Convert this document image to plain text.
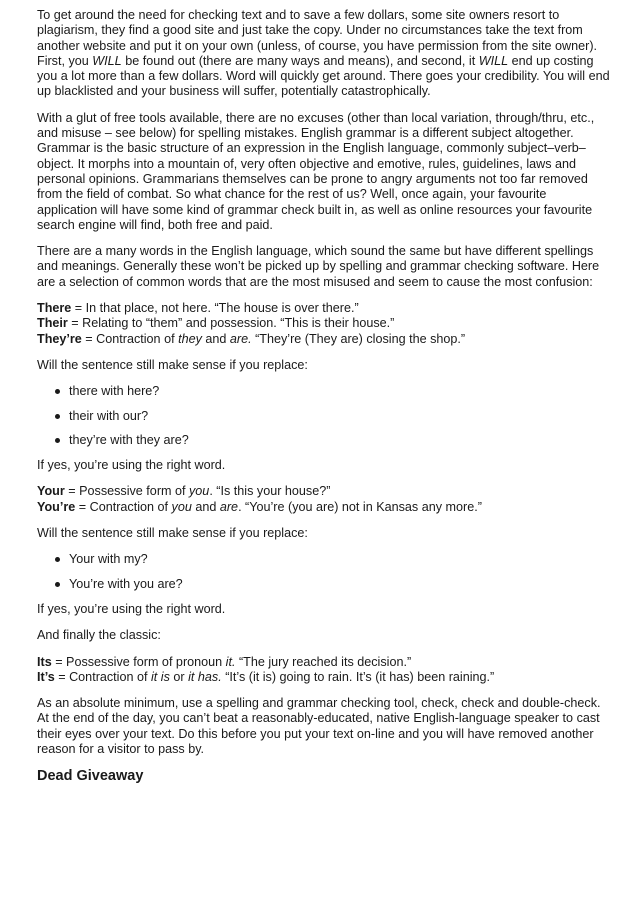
To get around the need for checking text and to save a few dollars, some site owners resort to plagiarism, they find a good site and just take the copy. Under no circumstances take the text from another website and put it on your own (unless, of course, you have permission from the site owner). First, you WILL be found out (there are many ways and means), and second, it WILL end up costing you a lot more than a few dollars. Word will quickly get around. There goes your credibility. You will end up blacklisted and your business will suffer, potentially catastrophically.

With a glut of free tools available, there are no excuses (other than local variation, through/thru, etc., and misuse – see below) for spelling mistakes. English grammar is a different subject altogether. Grammar is the basic structure of an expression in the English language, commonly subject–verb–object. It morphs into a mountain of, very often objective and emotive, rules, guidelines, laws and personal opinions. Grammarians themselves can be prone to angry arguments not too far removed from the field of combat. So what chance for the rest of us? Well, once again, your favourite application will have some kind of grammar check built in, as well as online resources your favourite search engine will find, both free and paid.

There are a many words in the English language, which sound the same but have different spellings and meanings. Generally these won’t be picked up by spelling and grammar checking software. Here are a selection of common words that are the most misused and seem to cause the most confusion:

There = In that place, not here. “The house is over there.”
Their = Relating to “them” and possession. “This is their house.”
They’re = Contraction of they and are. “They’re (They are) closing the shop.”

Will the sentence still make sense if you replace:

there with here?
their with our?
they’re with they are?

If yes, you’re using the right word.

Your = Possessive form of you. “Is this your house?”
You’re = Contraction of you and are. “You’re (you are) not in Kansas any more.”

Will the sentence still make sense if you replace:

Your with my?
You’re with you are?

If yes, you’re using the right word.

And finally the classic:

Its = Possessive form of pronoun it. “The jury reached its decision.”
It’s = Contraction of it is or it has. “It’s (it is) going to rain. It’s (it has) been raining.”

As an absolute minimum, use a spelling and grammar checking tool, check, check and double-check. At the end of the day, you can’t beat a reasonably-educated, native English-language speaker to cast their eyes over your text. Do this before you put your text on-line and you will have removed another reason for a visitor to pass by.

Dead Giveaway
